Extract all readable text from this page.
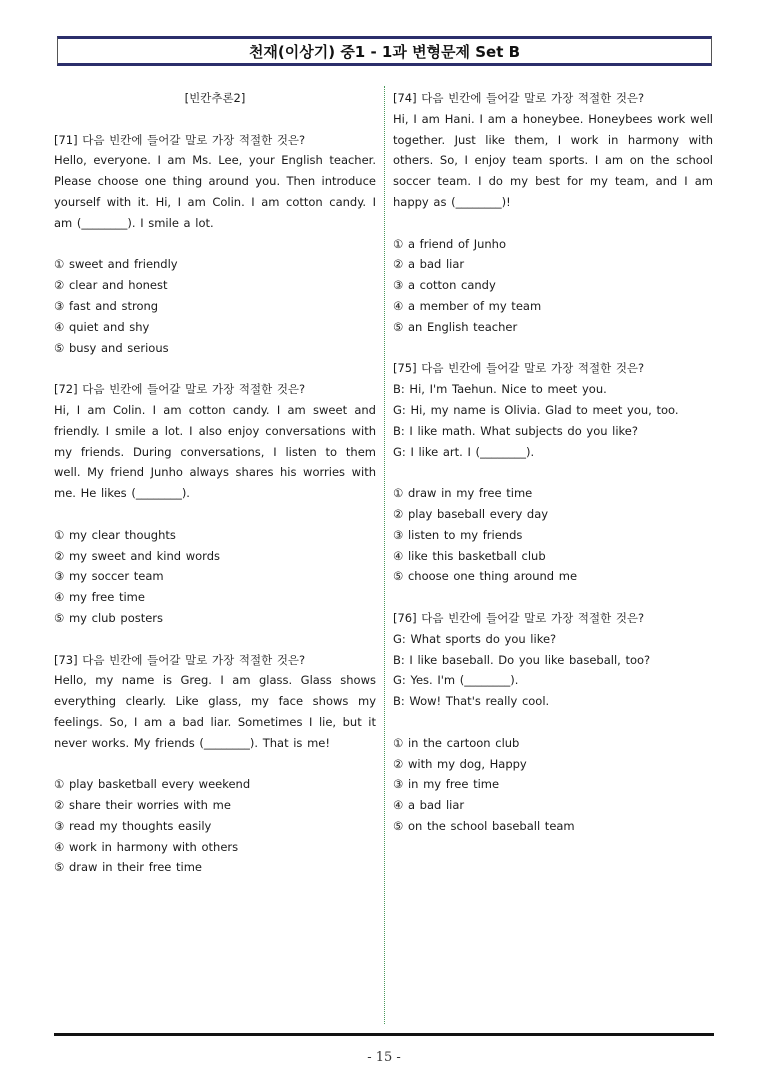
천재(이상기) 중1 - 1과 변형문제 Set B
[빈칸추론2]

[71] 다음 빈칸에 들어갈 말로 가장 적절한 것은?

Hello, everyone. I am Ms. Lee, your English teacher. Please choose one thing around you. Then introduce yourself with it. Hi, I am Colin. I am cotton candy. I am (________). I smile a lot.

① sweet and friendly
② clear and honest
③ fast and strong
④ quiet and shy
⑤ busy and serious

[72] 다음 빈칸에 들어갈 말로 가장 적절한 것은?

Hi, I am Colin. I am cotton candy. I am sweet and friendly. I smile a lot. I also enjoy conversations with my friends. During conversations, I listen to them well. My friend Junho always shares his worries with me. He likes (________).

① my clear thoughts
② my sweet and kind words
③ my soccer team
④ my free time
⑤ my club posters

[73] 다음 빈칸에 들어갈 말로 가장 적절한 것은?

Hello, my name is Greg. I am glass. Glass shows everything clearly. Like glass, my face shows my feelings. So, I am a bad liar. Sometimes I lie, but it never works. My friends (________). That is me!

① play basketball every weekend
② share their worries with me
③ read my thoughts easily
④ work in harmony with others
⑤ draw in their free time

[74] 다음 빈칸에 들어갈 말로 가장 적절한 것은?

Hi, I am Hani. I am a honeybee. Honeybees work well together. Just like them, I work in harmony with others. So, I enjoy team sports. I am on the school soccer team. I do my best for my team, and I am happy as (________)!

① a friend of Junho
② a bad liar
③ a cotton candy
④ a member of my team
⑤ an English teacher

[75] 다음 빈칸에 들어갈 말로 가장 적절한 것은?

B: Hi, I'm Taehun. Nice to meet you.

G: Hi, my name is Olivia. Glad to meet you, too.

B: I like math. What subjects do you like?

G: I like art. I (________).

① draw in my free time
② play baseball every day
③ listen to my friends
④ like this basketball club
⑤ choose one thing around me

[76] 다음 빈칸에 들어갈 말로 가장 적절한 것은?

G: What sports do you like?

B: I like baseball. Do you like baseball, too?

G: Yes. I'm (________).

B: Wow! That's really cool.

① in the cartoon club
② with my dog, Happy
③ in my free time
④ a bad liar
⑤ on the school baseball team
- 15 -
